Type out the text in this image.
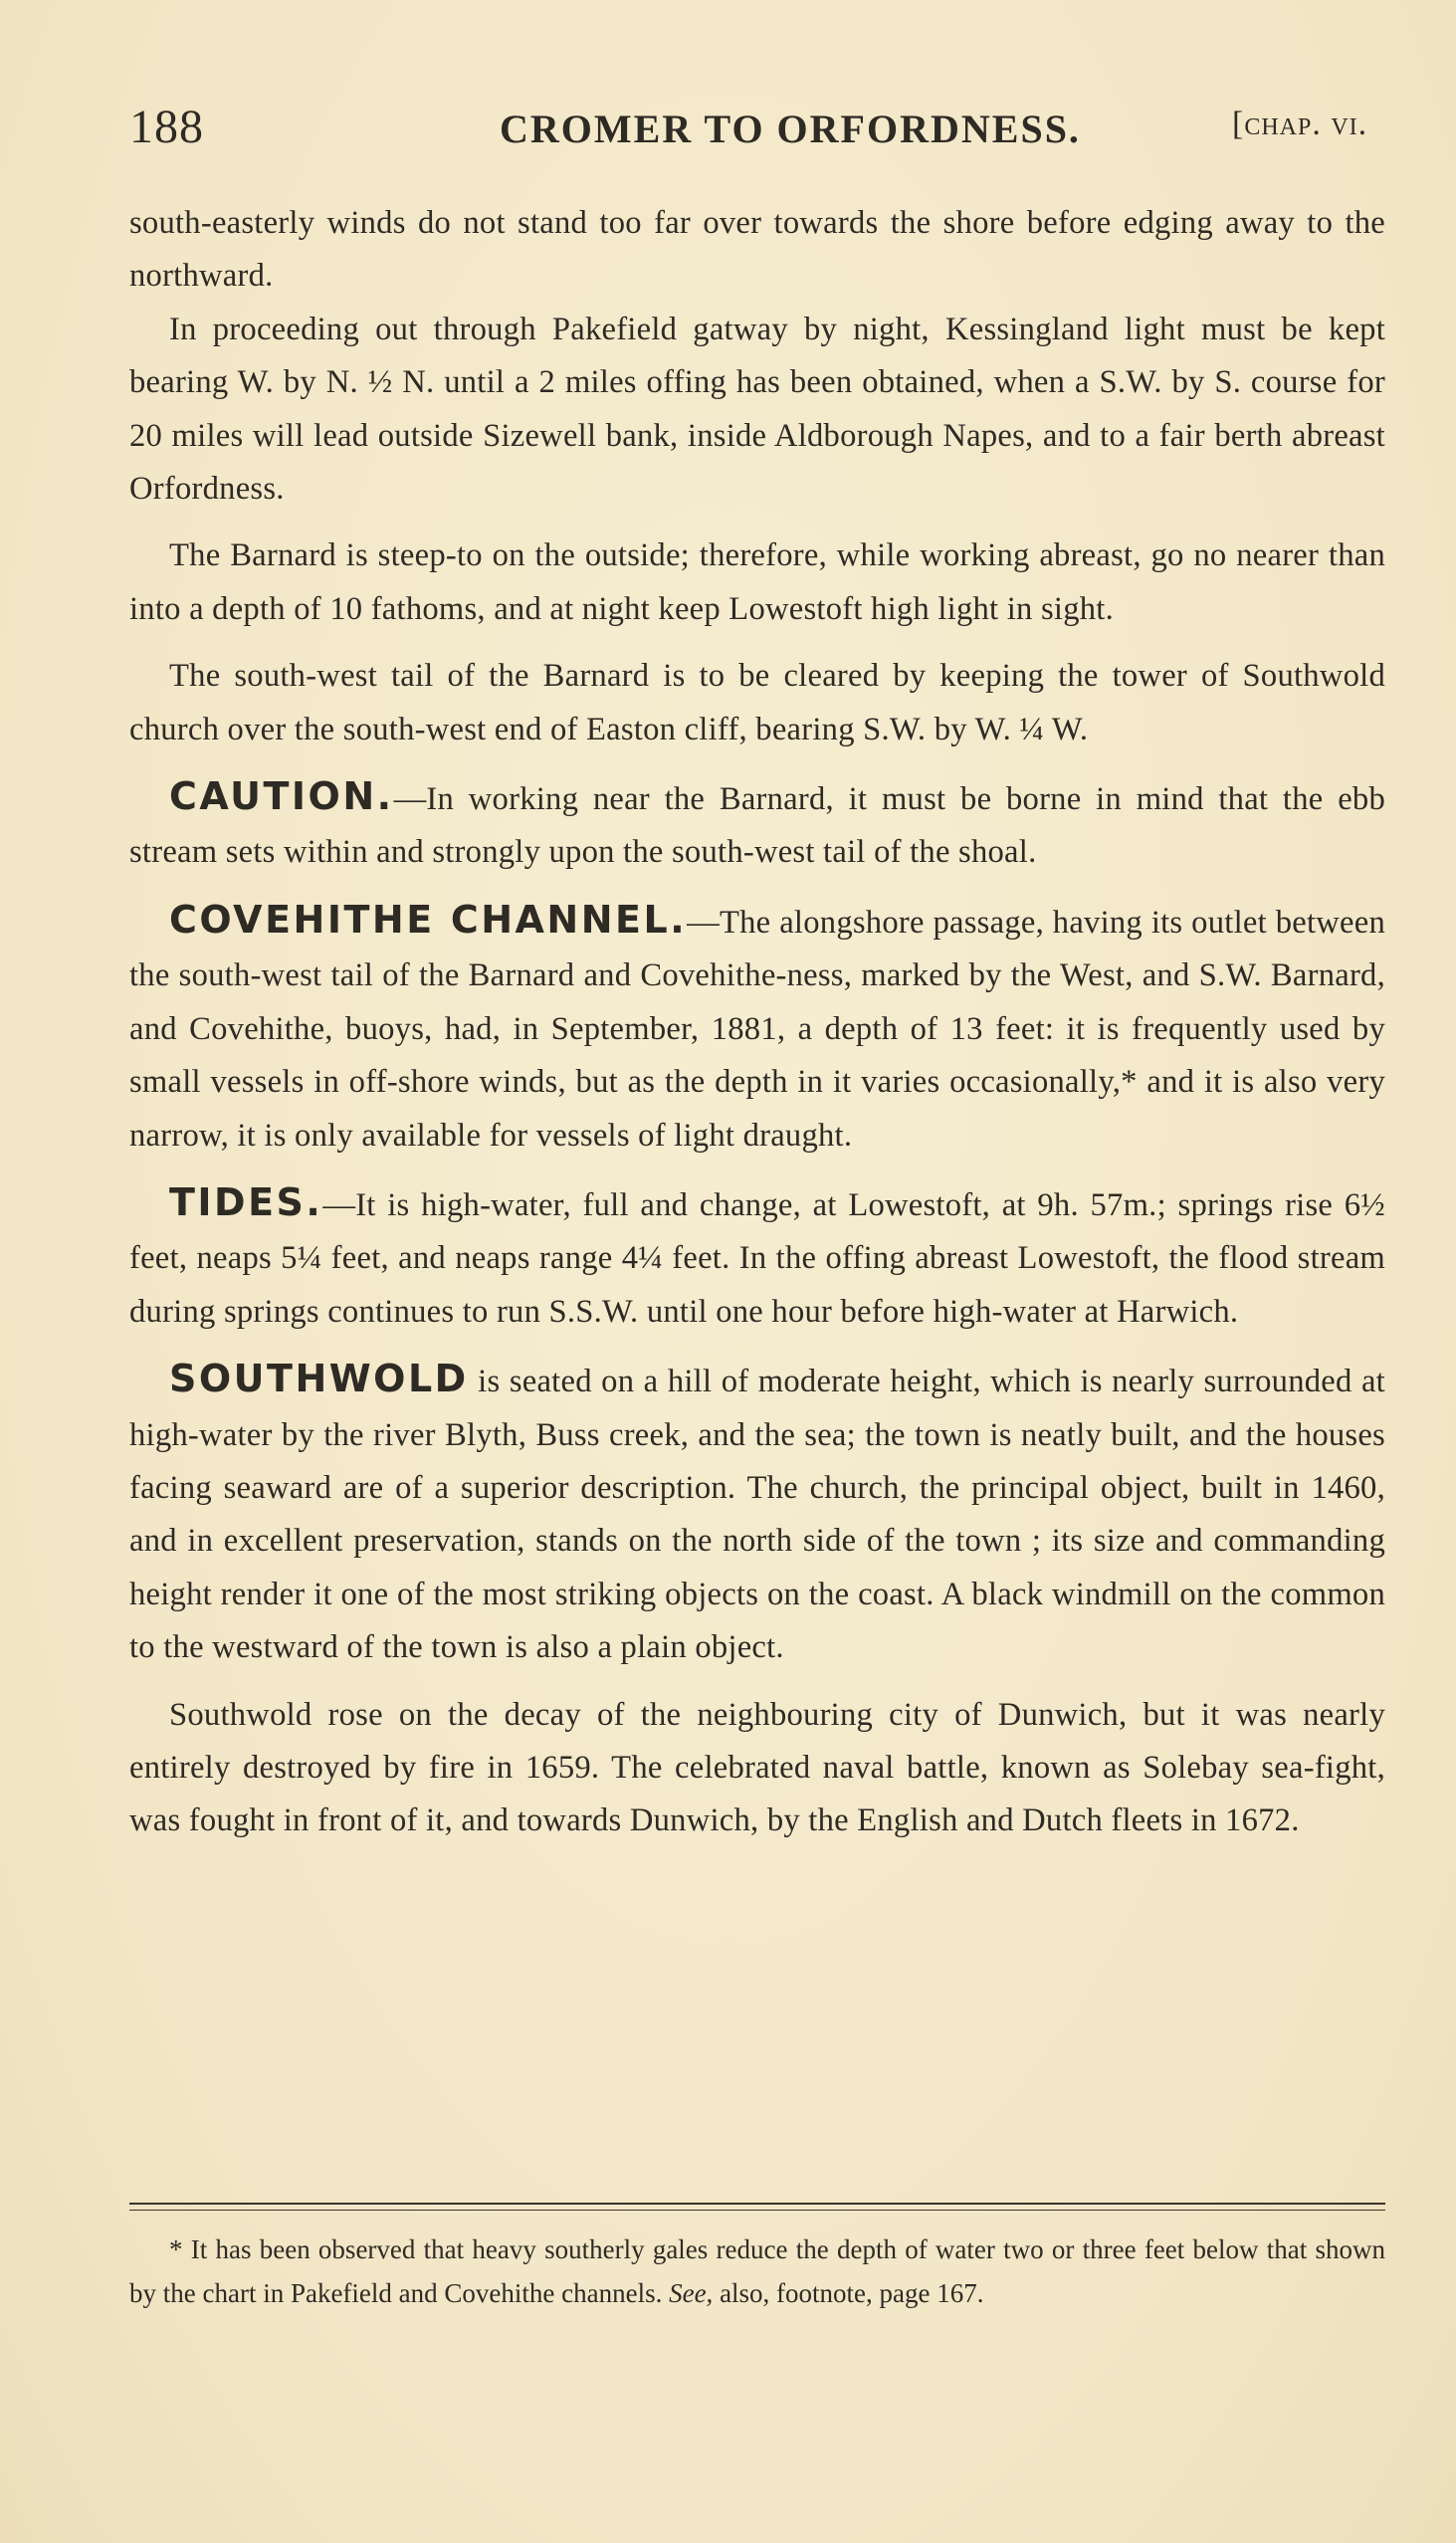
188	CROMER TO ORFORDNESS.	[chap. vi.

south-easterly winds do not stand too far over towards the shore before edging away to the northward.

In proceeding out through Pakefield gatway by night, Kessingland light must be kept bearing W. by N. ½ N. until a 2 miles offing has been obtained, when a S.W. by S. course for 20 miles will lead outside Sizewell bank, inside Aldborough Napes, and to a fair berth abreast Orfordness.

The Barnard is steep-to on the outside; therefore, while working abreast, go no nearer than into a depth of 10 fathoms, and at night keep Lowestoft high light in sight.

The south-west tail of the Barnard is to be cleared by keeping the tower of Southwold church over the south-west end of Easton cliff, bearing S.W. by W. ¼ W.

CAUTION.—In working near the Barnard, it must be borne in mind that the ebb stream sets within and strongly upon the south-west tail of the shoal.

COVEHITHE CHANNEL.—The alongshore passage, having its outlet between the south-west tail of the Barnard and Covehithe-ness, marked by the West, and S.W. Barnard, and Covehithe, buoys, had, in September, 1881, a depth of 13 feet: it is frequently used by small vessels in off-shore winds, but as the depth in it varies occasionally,* and it is also very narrow, it is only available for vessels of light draught.

TIDES.—It is high-water, full and change, at Lowestoft, at 9h. 57m.; springs rise 6½ feet, neaps 5¼ feet, and neaps range 4¼ feet. In the offing abreast Lowestoft, the flood stream during springs continues to run S.S.W. until one hour before high-water at Harwich.

SOUTHWOLD is seated on a hill of moderate height, which is nearly surrounded at high-water by the river Blyth, Buss creek, and the sea; the town is neatly built, and the houses facing seaward are of a superior description. The church, the principal object, built in 1460, and in excellent preservation, stands on the north side of the town ; its size and commanding height render it one of the most striking objects on the coast. A black windmill on the common to the westward of the town is also a plain object.

Southwold rose on the decay of the neighbouring city of Dunwich, but it was nearly entirely destroyed by fire in 1659. The celebrated naval battle, known as Solebay sea-fight, was fought in front of it, and towards Dunwich, by the English and Dutch fleets in 1672.

* It has been observed that heavy southerly gales reduce the depth of water two or three feet below that shown by the chart in Pakefield and Covehithe channels. See, also, footnote, page 167.
